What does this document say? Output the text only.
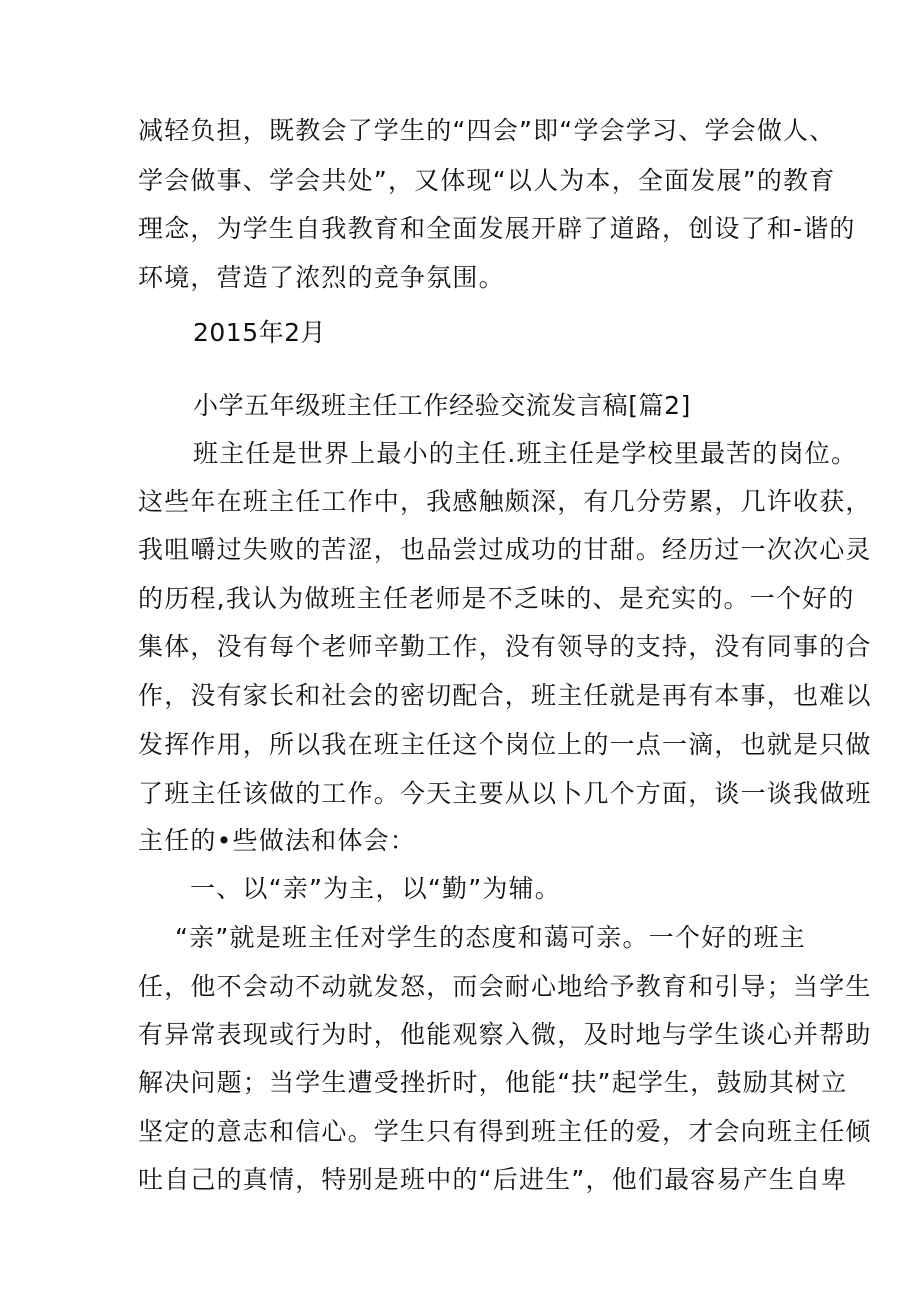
减轻负担，既教会了学生的“四会”即“学会学习、学会做人、
学会做事、学会共处”，又体现“以人为本，全面发展”的教育
理念，为学生自我教育和全面发展开辟了道路，创设了和-谐的
环境，营造了浓烈的竞争氛围。
2015年2月
小学五年级班主任工作经验交流发言稿[篇2]
班主任是世界上最小的主任.班主任是学校里最苦的岗位。
这些年在班主任工作中，我感触颇深，有几分劳累，几许收获，
我咀嚼过失败的苦涩，也品尝过成功的甘甜。经历过一次次心灵
的历程,我认为做班主任老师是不乏味的、是充实的。一个好的
集体，没有每个老师辛勤工作，没有领导的支持，没有同事的合
作，没有家长和社会的密切配合，班主任就是再有本事，也难以
发挥作用，所以我在班主任这个岗位上的一点一滴，也就是只做
了班主任该做的工作。今天主要从以卜几个方面，谈一谈我做班
主任的•些做法和体会：
一、以“亲”为主，以“勤”为辅。
“亲”就是班主任对学生的态度和蔼可亲。一个好的班主
任，他不会动不动就发怒，而会耐心地给予教育和引导；当学生
有异常表现或行为时，他能观察入微，及时地与学生谈心并帮助
解决问题；当学生遭受挫折时，他能“扶”起学生，鼓励其树立
坚定的意志和信心。学生只有得到班主任的爱，才会向班主任倾
吐自己的真情，特别是班中的“后进生”，他们最容易产生自卑
